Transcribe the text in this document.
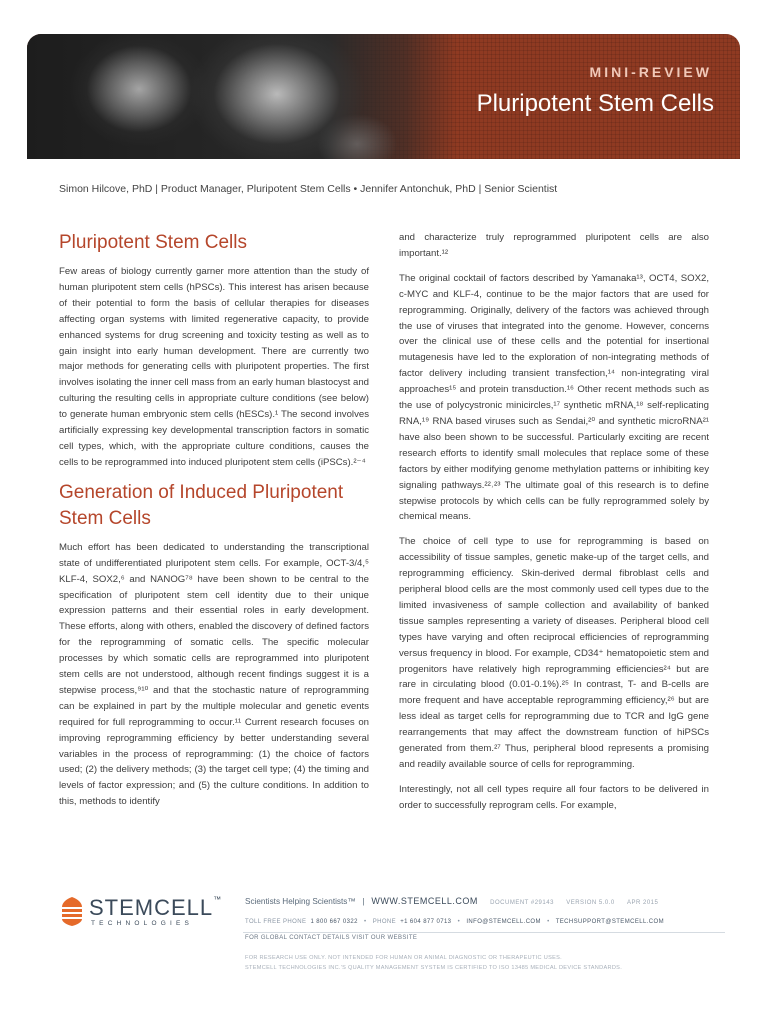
MINI-REVIEW
Pluripotent Stem Cells
Simon Hilcove, PhD | Product Manager, Pluripotent Stem Cells • Jennifer Antonchuk, PhD | Senior Scientist
Pluripotent Stem Cells

Few areas of biology currently garner more attention than the study of human pluripotent stem cells (hPSCs). This interest has arisen because of their potential to form the basis of cellular therapies for diseases affecting organ systems with limited regenerative capacity, to provide enhanced systems for drug screening and toxicity testing as well as to gain insight into early human development. There are currently two major methods for generating cells with pluripotent properties. The first involves isolating the inner cell mass from an early human blastocyst and culturing the resulting cells in appropriate culture conditions (see below) to generate human embryonic stem cells (hESCs).¹ The second involves artificially expressing key developmental transcription factors in somatic cell types, which, with the appropriate culture conditions, causes the cells to be reprogrammed into induced pluripotent stem cells (iPSCs).²⁻⁴

Generation of Induced Pluripotent Stem Cells

Much effort has been dedicated to understanding the transcriptional state of undifferentiated pluripotent stem cells. For example, OCT-3/4,⁵ KLF-4, SOX2,⁶ and NANOG⁷⁸ have been shown to be central to the specification of pluripotent stem cell identity due to their unique expression patterns and their essential roles in early development. These efforts, along with others, enabled the discovery of defined factors for the reprogramming of somatic cells. The specific molecular processes by which somatic cells are reprogrammed into pluripotent stem cells are not understood, although recent findings suggest it is a stepwise process,⁹¹⁰ and that the stochastic nature of reprogramming can be explained in part by the multiple molecular and genetic events required for full reprogramming to occur.¹¹ Current research focuses on improving reprogramming efficiency by better understanding several variables in the process of reprogramming: (1) the choice of factors used; (2) the delivery methods; (3) the target cell type; (4) the timing and levels of factor expression; and (5) the culture conditions. In addition to this, methods to identify

and characterize truly reprogrammed pluripotent cells are also important.¹²

The original cocktail of factors described by Yamanaka¹³, OCT4, SOX2, c-MYC and KLF-4, continue to be the major factors that are used for reprogramming. Originally, delivery of the factors was achieved through the use of viruses that integrated into the genome. However, concerns over the clinical use of these cells and the potential for insertional mutagenesis have led to the exploration of non-integrating methods of factor delivery including transient transfection,¹⁴ non-integrating viral approaches¹⁵ and protein transduction.¹⁶ Other recent methods such as the use of polycystronic minicircles,¹⁷ synthetic mRNA,¹⁸ self-replicating RNA,¹⁹ RNA based viruses such as Sendai,²⁰ and synthetic microRNA²¹ have also been shown to be successful. Particularly exciting are recent research efforts to identify small molecules that replace some of these factors by either modifying genome methylation patterns or inhibiting key signaling pathways.²²˒²³ The ultimate goal of this research is to define stepwise protocols by which cells can be fully reprogrammed solely by chemical means.

The choice of cell type to use for reprogramming is based on accessibility of tissue samples, genetic make-up of the target cells, and reprogramming efficiency. Skin-derived dermal fibroblast cells and peripheral blood cells are the most commonly used cell types due to the limited invasiveness of sample collection and availability of banked tissue samples representing a variety of diseases. Peripheral blood cell types have varying and often reciprocal efficiencies of reprogramming versus frequency in blood. For example, CD34⁺ hematopoietic stem and progenitors have relatively high reprogramming efficiencies²⁴ but are rare in circulating blood (0.01-0.1%).²⁵ In contrast, T- and B-cells are more frequent and have acceptable reprogramming efficiency,²⁶ but are less ideal as target cells for reprogramming due to TCR and IgG gene rearrangements that may affect the downstream function of hiPSCs generated from them.²⁷ Thus, peripheral blood represents a promising and readily available source of cells for reprogramming.

Interestingly, not all cell types require all four factors to be delivered in order to successfully reprogram cells. For example,

STEMCELL™
TECHNOLOGIES
Scientists Helping Scientists™ | WWW.STEMCELL.COM DOCUMENT #29143 VERSION 5.0.0 APR 2015
TOLL FREE PHONE 1 800 667 0322   •   PHONE +1 604 877 0713   •   INFO@STEMCELL.COM   •   TECHSUPPORT@STEMCELL.COM
FOR GLOBAL CONTACT DETAILS VISIT OUR WEBSITE
FOR RESEARCH USE ONLY. NOT INTENDED FOR HUMAN OR ANIMAL DIAGNOSTIC OR THERAPEUTIC USES.
STEMCELL TECHNOLOGIES INC.'S QUALITY MANAGEMENT SYSTEM IS CERTIFIED TO ISO 13485 MEDICAL DEVICE STANDARDS.
